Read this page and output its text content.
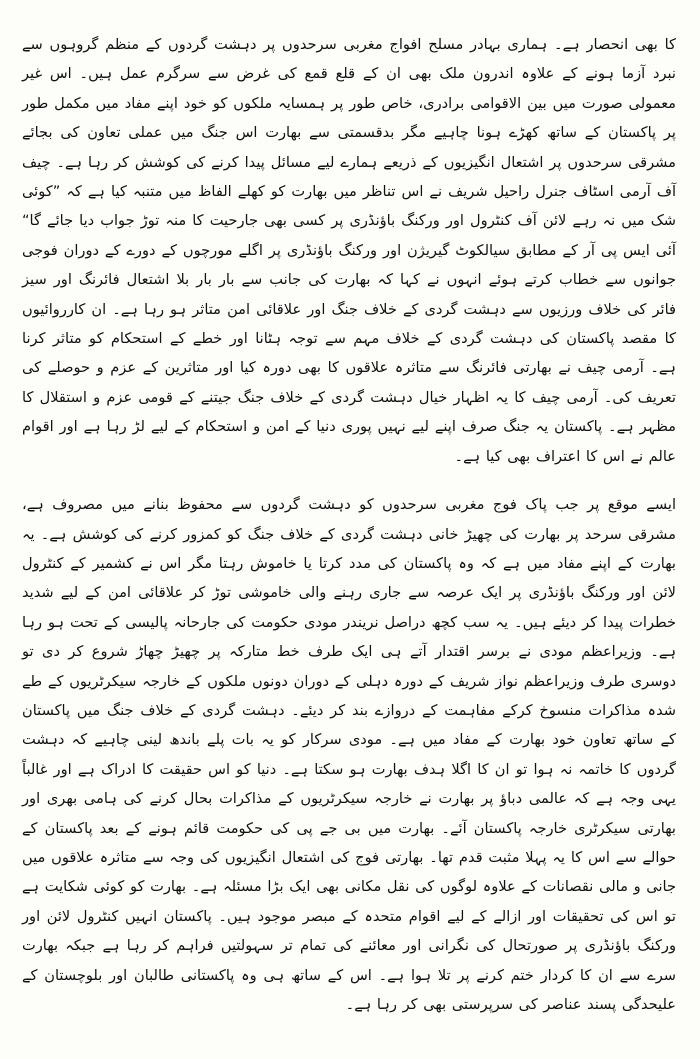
کا بھی انحصار ہے۔ ہماری بہادر مسلح افواج مغربی سرحدوں پر دہشت گردوں کے منظم گروہوں سے نبرد آزما ہونے کے علاوہ اندرون ملک بھی ان کے قلع قمع کی غرض سے سرگرم عمل ہیں۔ اس غیر معمولی صورت میں بین الاقوامی برادری، خاص طور پر ہمسایہ ملکوں کو خود اپنے مفاد میں مکمل طور پر پاکستان کے ساتھ کھڑے ہونا چاہیے مگر بدقسمتی سے بھارت اس جنگ میں عملی تعاون کی بجائے مشرقی سرحدوں پر اشتعال انگیزیوں کے ذریعے ہمارے لیے مسائل پیدا کرنے کی کوشش کر رہا ہے۔ چیف آف آرمی اسٹاف جنرل راحیل شریف نے اس تناظر میں بھارت کو کھلے الفاظ میں متنبہ کیا ہے کہ ”کوئی شک میں نہ رہے لائن آف کنٹرول اور ورکنگ باؤنڈری پر کسی بھی جارحیت کا منہ توڑ جواب دیا جائے گا“ آئی ایس پی آر کے مطابق سیالکوٹ گیریژن اور ورکنگ باؤنڈری پر اگلے مورچوں کے دورے کے دوران فوجی جوانوں سے خطاب کرتے ہوئے انہوں نے کہا کہ بھارت کی جانب سے بار بار بلا اشتعال فائرنگ اور سیز فائر کی خلاف ورزیوں سے دہشت گردی کے خلاف جنگ اور علاقائی امن متاثر ہو رہا ہے۔ ان کارروائیوں کا مقصد پاکستان کی دہشت گردی کے خلاف مہم سے توجہ ہٹانا اور خطے کے استحکام کو متاثر کرنا ہے۔ آرمی چیف نے بھارتی فائرنگ سے متاثرہ علاقوں کا بھی دورہ کیا اور متاثرین کے عزم و حوصلے کی تعریف کی۔ آرمی چیف کا یہ اظہار خیال دہشت گردی کے خلاف جنگ جیتنے کے قومی عزم و استقلال کا مظہر ہے۔ پاکستان یہ جنگ صرف اپنے لیے نہیں پوری دنیا کے امن و استحکام کے لیے لڑ رہا ہے اور اقوام عالم نے اس کا اعتراف بھی کیا ہے۔

ایسے موقع پر جب پاک فوج مغربی سرحدوں کو دہشت گردوں سے محفوظ بنانے میں مصروف ہے، مشرقی سرحد پر بھارت کی چھیڑ خانی دہشت گردی کے خلاف جنگ کو کمزور کرنے کی کوشش ہے۔ یہ بھارت کے اپنے مفاد میں ہے کہ وہ پاکستان کی مدد کرتا یا خاموش رہتا مگر اس نے کشمیر کے کنٹرول لائن اور ورکنگ باؤنڈری پر ایک عرصہ سے جاری رہنے والی خاموشی توڑ کر علاقائی امن کے لیے شدید خطرات پیدا کر دیئے ہیں۔ یہ سب کچھ دراصل نریندر مودی حکومت کی جارحانہ پالیسی کے تحت ہو رہا ہے۔ وزیراعظم مودی نے برسر اقتدار آتے ہی ایک طرف خط متارکہ پر چھیڑ چھاڑ شروع کر دی تو دوسری طرف وزیراعظم نواز شریف کے دورہ دہلی کے دوران دونوں ملکوں کے خارجہ سیکرٹریوں کے طے شدہ مذاکرات منسوخ کرکے مفاہمت کے دروازے بند کر دیئے۔ دہشت گردی کے خلاف جنگ میں پاکستان کے ساتھ تعاون خود بھارت کے مفاد میں ہے۔ مودی سرکار کو یہ بات پلے باندھ لینی چاہیے کہ دہشت گردوں کا خاتمہ نہ ہوا تو ان کا اگلا ہدف بھارت ہو سکتا ہے۔ دنیا کو اس حقیقت کا ادراک ہے اور غالباً یہی وجہ ہے کہ عالمی دباؤ پر بھارت نے خارجہ سیکرٹریوں کے مذاکرات بحال کرنے کی ہامی بھری اور بھارتی سیکرٹری خارجہ پاکستان آئے۔ بھارت میں بی جے پی کی حکومت قائم ہونے کے بعد پاکستان کے حوالے سے اس کا یہ پہلا مثبت قدم تھا۔ بھارتی فوج کی اشتعال انگیزیوں کی وجہ سے متاثرہ علاقوں میں جانی و مالی نقصانات کے علاوہ لوگوں کی نقل مکانی بھی ایک بڑا مسئلہ ہے۔ بھارت کو کوئی شکایت ہے تو اس کی تحقیقات اور ازالے کے لیے اقوام متحدہ کے مبصر موجود ہیں۔ پاکستان انہیں کنٹرول لائن اور ورکنگ باؤنڈری پر صورتحال کی نگرانی اور معائنے کی تمام تر سہولتیں فراہم کر رہا ہے جبکہ بھارت سرے سے ان کا کردار ختم کرنے پر تلا ہوا ہے۔ اس کے ساتھ ہی وہ پاکستانی طالبان اور بلوچستان کے علیحدگی پسند عناصر کی سرپرستی بھی کر رہا ہے۔
